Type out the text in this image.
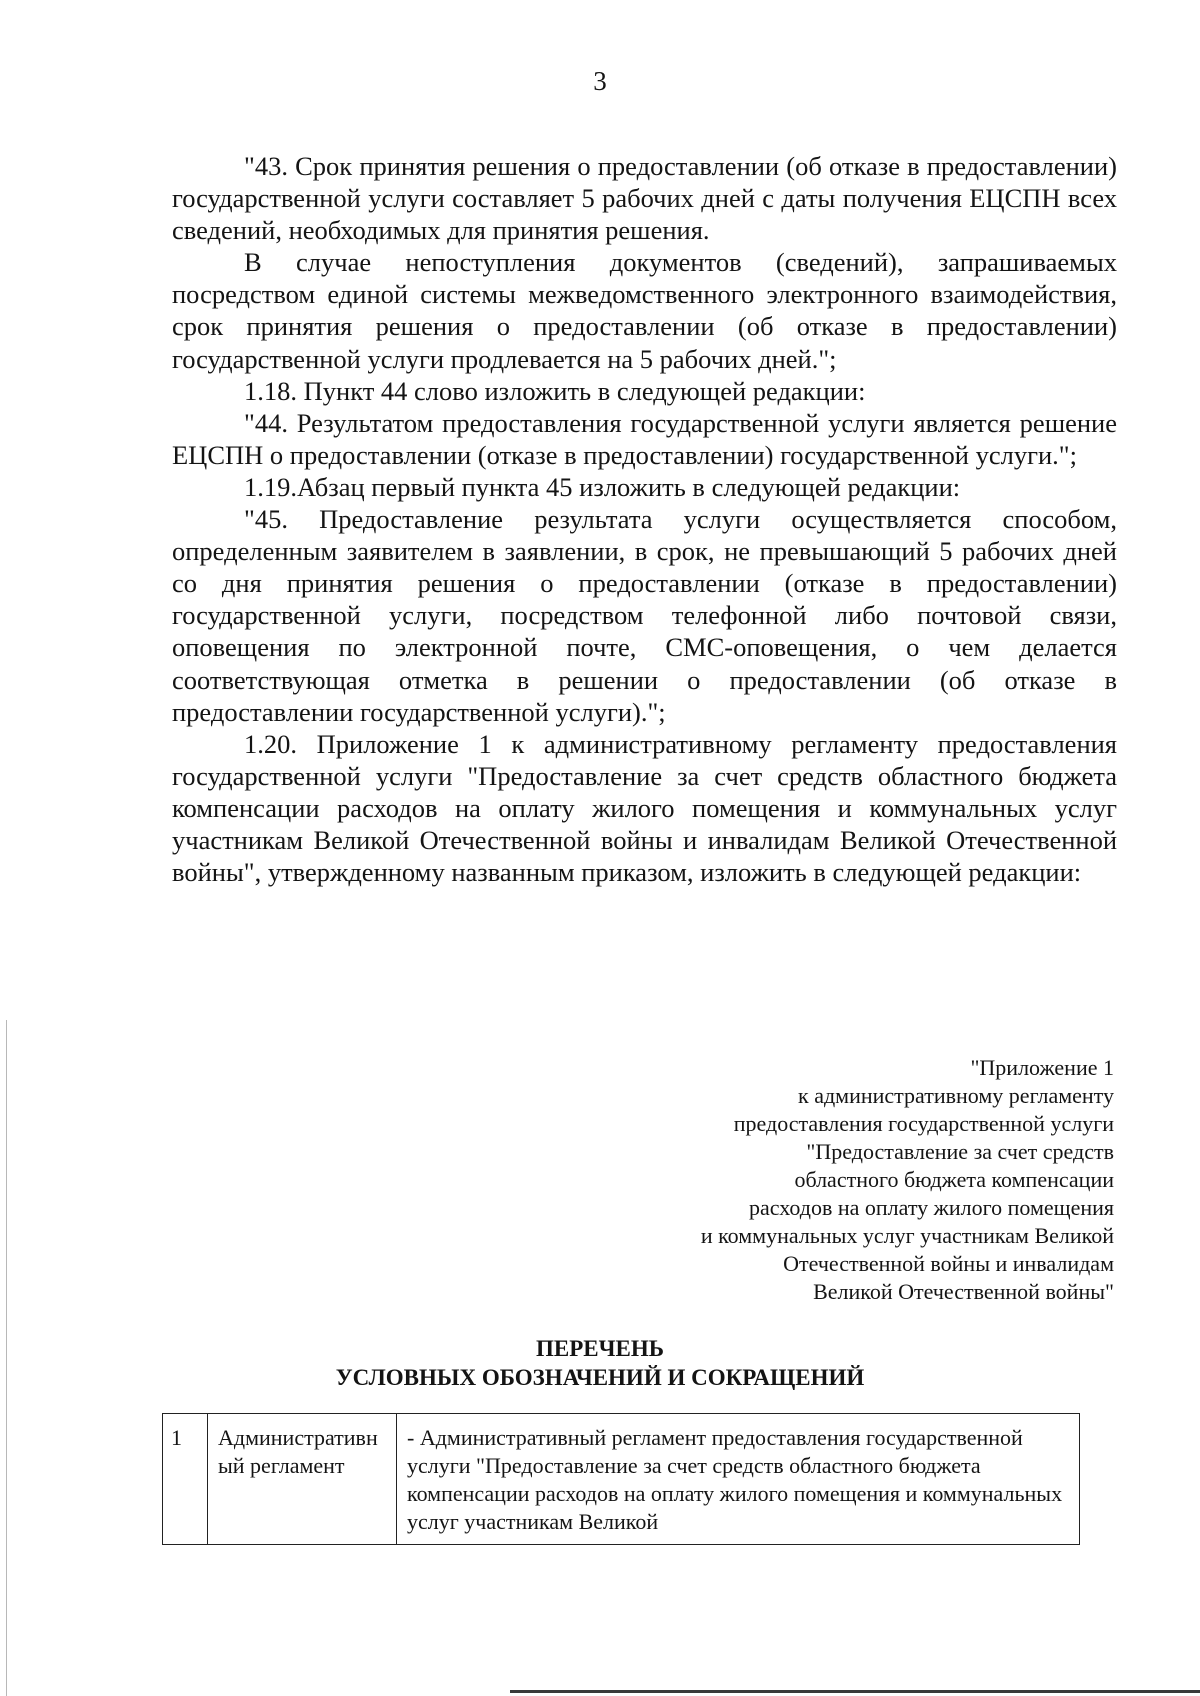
3

"43. Срок принятия решения о предоставлении (об отказе в предоставлении) государственной услуги составляет 5 рабочих дней с даты получения ЕЦСПН всех сведений, необходимых для принятия решения.

В случае непоступления документов (сведений), запрашиваемых посредством единой системы межведомственного электронного взаимодействия, срок принятия решения о предоставлении (об отказе в предоставлении) государственной услуги продлевается на 5 рабочих дней.";

1.18. Пункт 44 слово изложить в следующей редакции:

"44. Результатом предоставления государственной услуги является решение ЕЦСПН о предоставлении (отказе в предоставлении) государственной услуги.";

1.19.Абзац первый пункта 45 изложить в следующей редакции:

"45. Предоставление результата услуги осуществляется способом, определенным заявителем в заявлении, в срок, не превышающий 5 рабочих дней со дня принятия решения о предоставлении (отказе в предоставлении) государственной услуги, посредством телефонной либо почтовой связи, оповещения по электронной почте, СМС-оповещения, о чем делается соответствующая отметка в решении о предоставлении (об отказе в предоставлении государственной услуги).";

1.20. Приложение 1 к административному регламенту предоставления государственной услуги "Предоставление за счет средств областного бюджета компенсации расходов на оплату жилого помещения и коммунальных услуг участникам Великой Отечественной войны и инвалидам Великой Отечественной войны", утвержденному названным приказом, изложить в следующей редакции:

"Приложение 1
к административному регламенту
предоставления государственной услуги
"Предоставление за счет средств
областного бюджета компенсации
расходов на оплату жилого помещения
и коммунальных услуг участникам Великой
Отечественной войны и инвалидам
Великой Отечественной войны"
ПЕРЕЧЕНЬ
УСЛОВНЫХ ОБОЗНАЧЕНИЙ И СОКРАЩЕНИЙ
1	Административный регламент	- Административный регламент предоставления государственной услуги "Предоставление за счет средств областного бюджета компенсации расходов на оплату жилого помещения и коммунальных услуг участникам Великой
